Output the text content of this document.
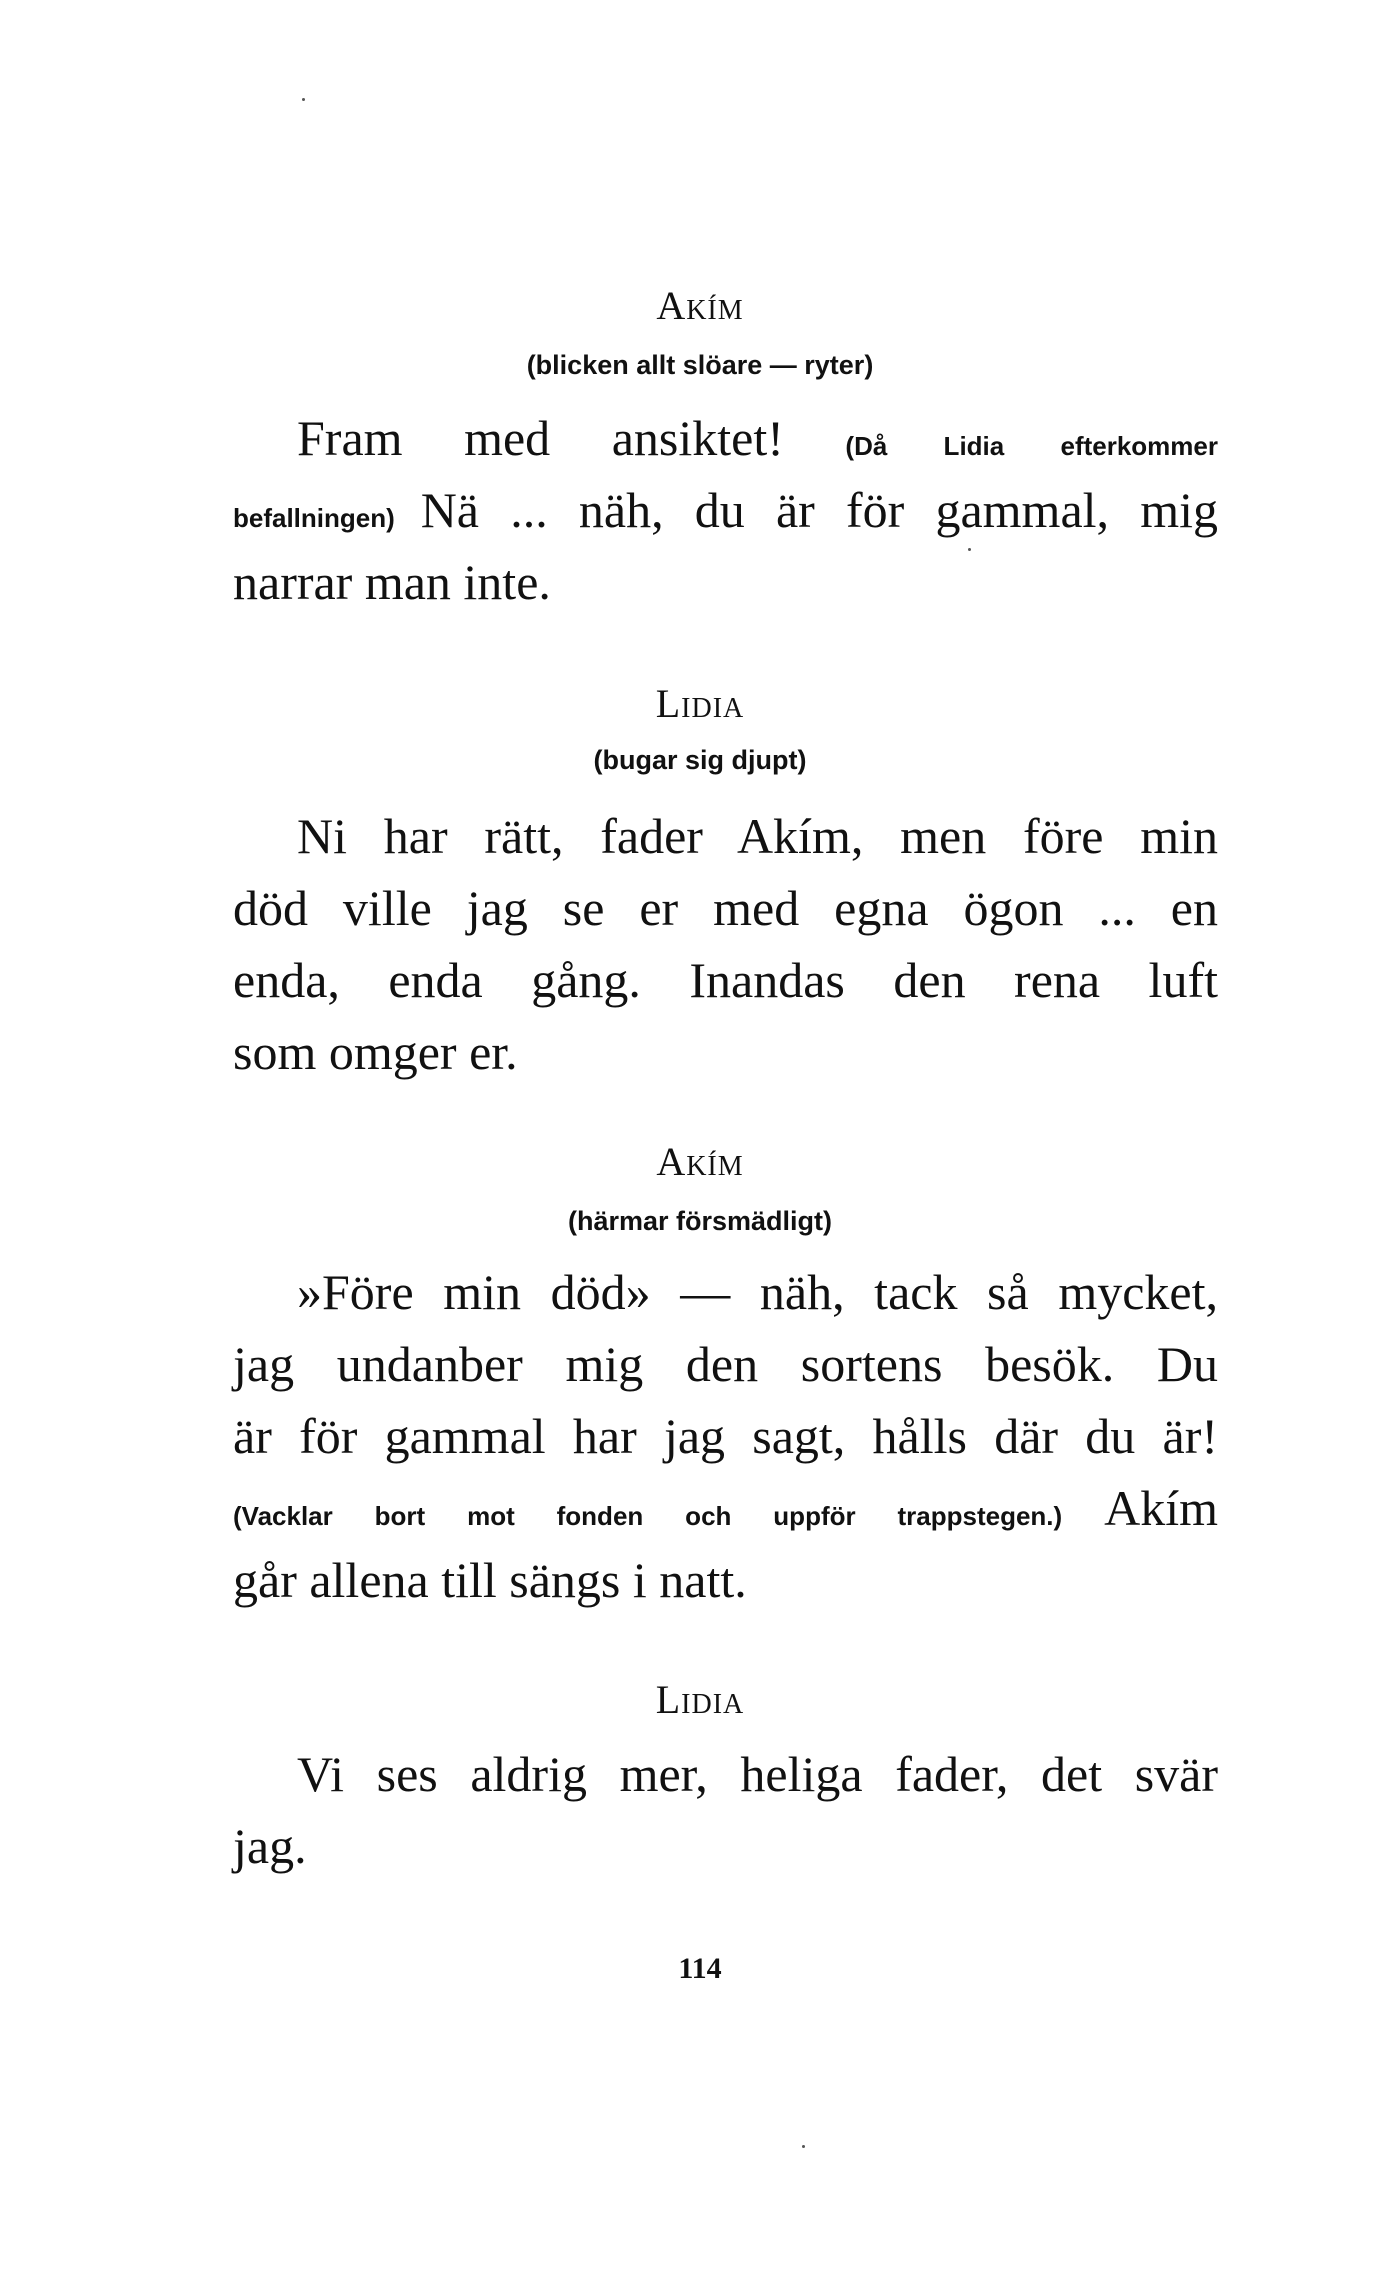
Akím
(blicken allt slöare — ryter)
Fram med ansiktet! (Då Lidia efterkommer
befallningen) Nä ... näh, du är för gammal, mig
narrar man inte.
Lidia
(bugar sig djupt)
Ni har rätt, fader Akím, men före min
död ville jag se er med egna ögon ... en
enda, enda gång. Inandas den rena luft
som omger er.
Akím
(härmar försmädligt)
»Före min död» — näh, tack så mycket,
jag undanber mig den sortens besök. Du
är för gammal har jag sagt, hålls där du är!
(Vacklar bort mot fonden och uppför trappstegen.) Akím
går allena till sängs i natt.
Lidia
Vi ses aldrig mer, heliga fader, det svär
jag.
114
